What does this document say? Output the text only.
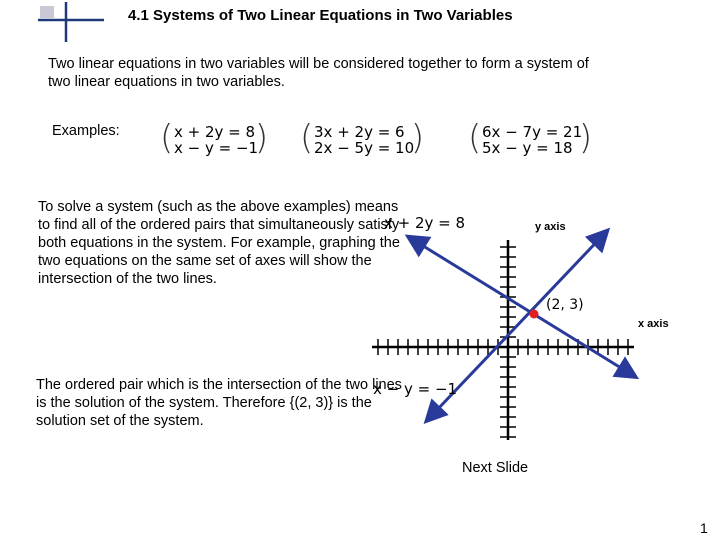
4.1 Systems of Two Linear Equations in Two Variables
Two linear equations in two variables will be considered together to form a system of two linear equations in two variables.
Examples: ( x + 2y = 8
x − y = −1
) ( 3x + 2y = 6
2x − 5y = 10
) ( 6x − 7y = 21
5x − y = 18 )
To solve a system (such as the above examples) means to find all of the ordered pairs that simultaneously satisfy both equations in the system. For example, graphing the two equations on the same set of axes will show the intersection of the two lines.
x + 2y = 8	y axis
(2, 3)
x axis
x − y = −1
The ordered pair which is the intersection of the two lines is the solution of the system. Therefore {(2, 3)} is the solution set of the system.
Next Slide
1
